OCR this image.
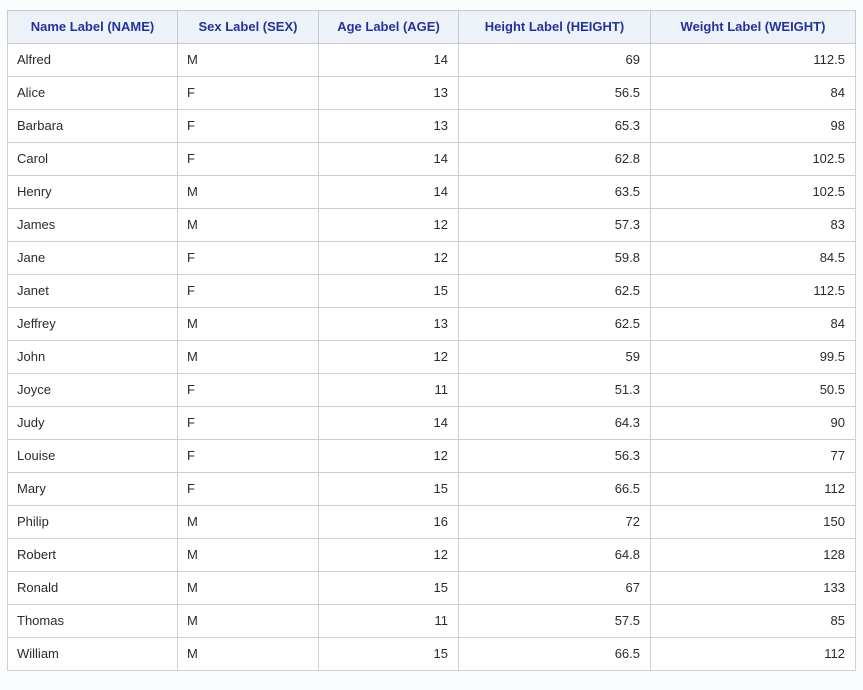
Name Label (NAME)	Sex Label (SEX)	Age Label (AGE)	Height Label (HEIGHT)	Weight Label (WEIGHT)
Alfred	M	14	69	112.5
Alice	F	13	56.5	84
Barbara	F	13	65.3	98
Carol	F	14	62.8	102.5
Henry	M	14	63.5	102.5
James	M	12	57.3	83
Jane	F	12	59.8	84.5
Janet	F	15	62.5	112.5
Jeffrey	M	13	62.5	84
John	M	12	59	99.5
Joyce	F	11	51.3	50.5
Judy	F	14	64.3	90
Louise	F	12	56.3	77
Mary	F	15	66.5	112
Philip	M	16	72	150
Robert	M	12	64.8	128
Ronald	M	15	67	133
Thomas	M	11	57.5	85
William	M	15	66.5	112
